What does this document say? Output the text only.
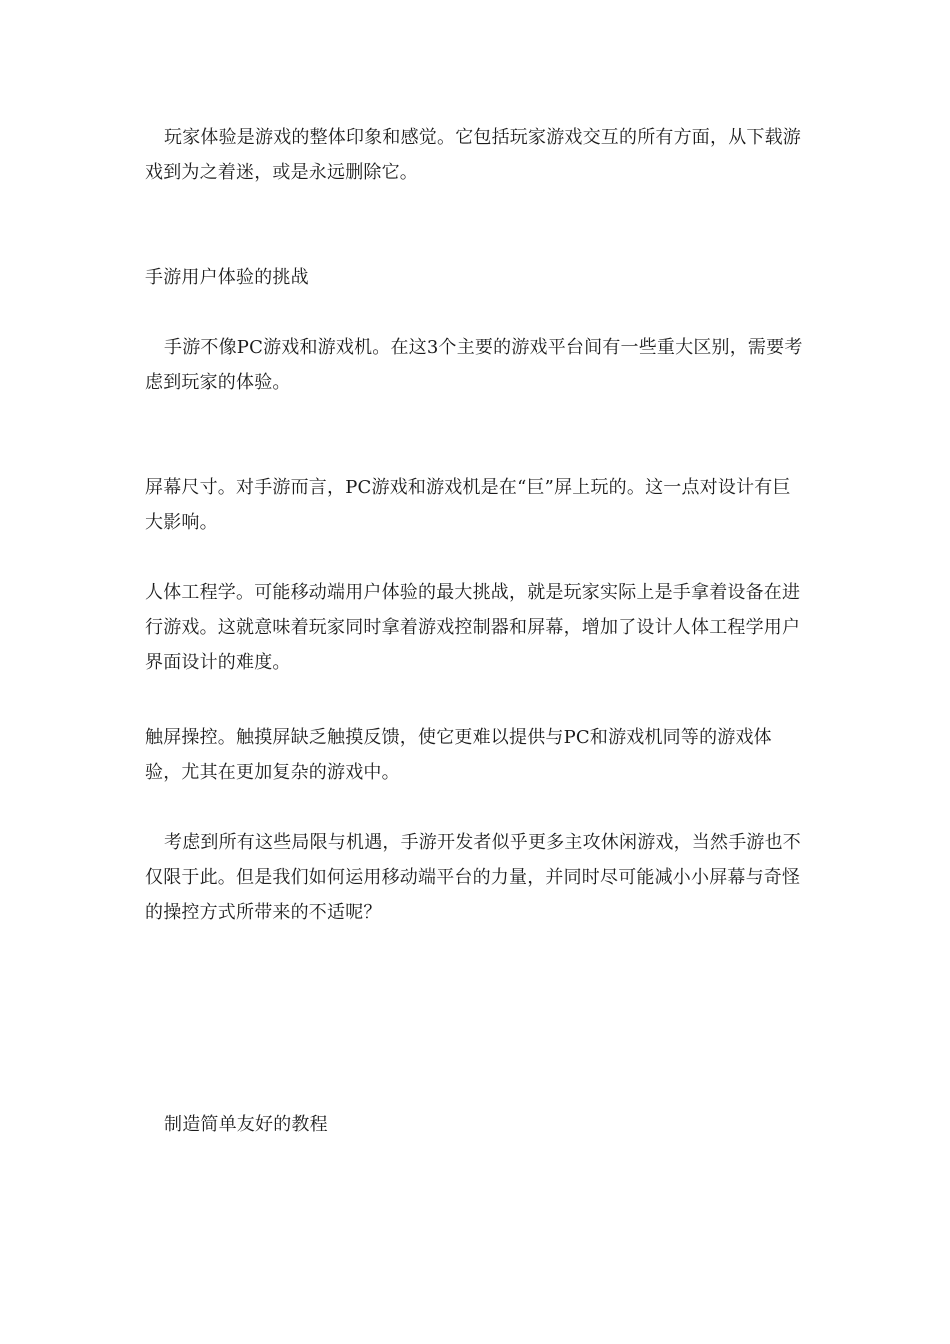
玩家体验是游戏的整体印象和感觉。它包括玩家游戏交互的所有方面，从下载游戏到为之着迷，或是永远删除它。

手游用户体验的挑战

手游不像PC游戏和游戏机。在这3个主要的游戏平台间有一些重大区别，需要考虑到玩家的体验。

屏幕尺寸。对手游而言，PC游戏和游戏机是在“巨”屏上玩的。这一点对设计有巨大影响。

人体工程学。可能移动端用户体验的最大挑战，就是玩家实际上是手拿着设备在进行游戏。这就意味着玩家同时拿着游戏控制器和屏幕，增加了设计人体工程学用户界面设计的难度。

触屏操控。触摸屏缺乏触摸反馈，使它更难以提供与PC和游戏机同等的游戏体验，尤其在更加复杂的游戏中。

考虑到所有这些局限与机遇，手游开发者似乎更多主攻休闲游戏，当然手游也不仅限于此。但是我们如何运用移动端平台的力量，并同时尽可能减小小屏幕与奇怪的操控方式所带来的不适呢？

制造简单友好的教程
